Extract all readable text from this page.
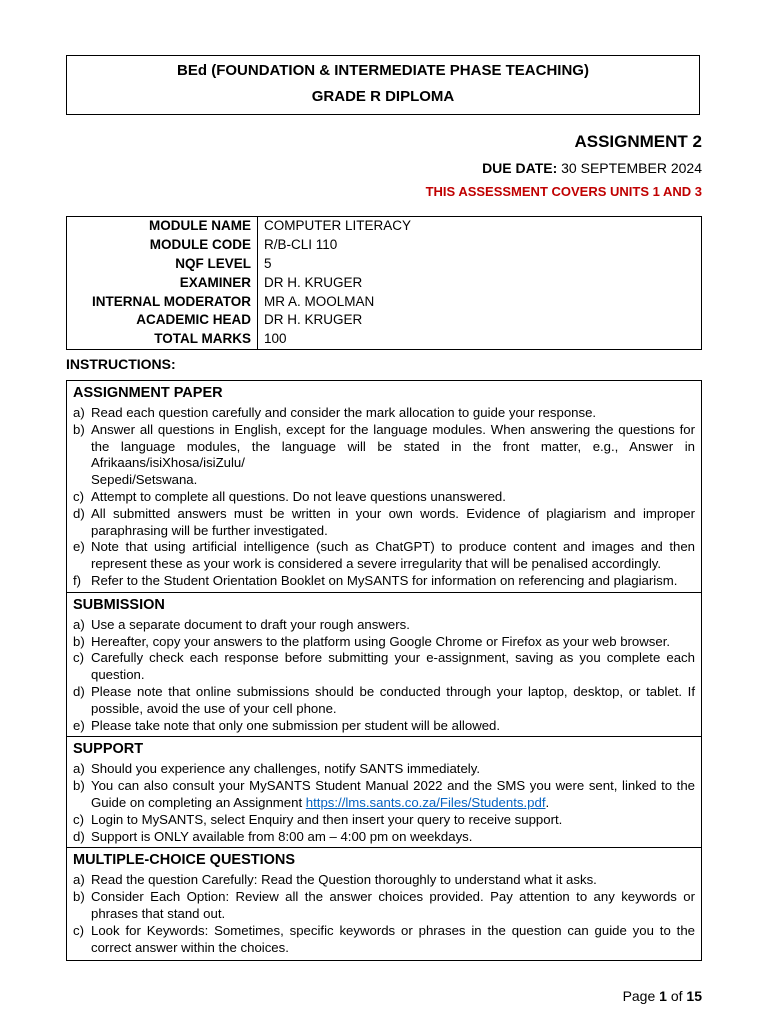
BEd (FOUNDATION & INTERMEDIATE PHASE TEACHING)
GRADE R DIPLOMA
ASSIGNMENT 2
DUE DATE: 30 SEPTEMBER 2024
THIS ASSESSMENT COVERS UNITS 1 AND 3
MODULE NAME	COMPUTER LITERACY
MODULE CODE	R/B-CLI 110
NQF LEVEL	5
EXAMINER	DR H. KRUGER
INTERNAL MODERATOR	MR A. MOOLMAN
ACADEMIC HEAD	DR H. KRUGER
TOTAL MARKS	100
INSTRUCTIONS:
ASSIGNMENT PAPER
a) Read each question carefully and consider the mark allocation to guide your response.
b) Answer all questions in English, except for the language modules. When answering the questions for the language modules, the language will be stated in the front matter, e.g., Answer in Afrikaans/isiXhosa/isiZulu/
Sepedi/Setswana.
c) Attempt to complete all questions. Do not leave questions unanswered.
d) All submitted answers must be written in your own words. Evidence of plagiarism and improper paraphrasing will be further investigated.
e) Note that using artificial intelligence (such as ChatGPT) to produce content and images and then represent these as your work is considered a severe irregularity that will be penalised accordingly.
f) Refer to the Student Orientation Booklet on MySANTS for information on referencing and plagiarism.
SUBMISSION
a) Use a separate document to draft your rough answers.
b) Hereafter, copy your answers to the platform using Google Chrome or Firefox as your web browser.
c) Carefully check each response before submitting your e-assignment, saving as you complete each question.
d) Please note that online submissions should be conducted through your laptop, desktop, or tablet. If possible, avoid the use of your cell phone.
e) Please take note that only one submission per student will be allowed.
SUPPORT
a) Should you experience any challenges, notify SANTS immediately.
b) You can also consult your MySANTS Student Manual 2022 and the SMS you were sent, linked to the Guide on completing an Assignment https://lms.sants.co.za/Files/Students.pdf.
c) Login to MySANTS, select Enquiry and then insert your query to receive support.
d) Support is ONLY available from 8:00 am – 4:00 pm on weekdays.
MULTIPLE-CHOICE QUESTIONS
a) Read the question Carefully: Read the Question thoroughly to understand what it asks.
b) Consider Each Option: Review all the answer choices provided. Pay attention to any keywords or phrases that stand out.
c) Look for Keywords: Sometimes, specific keywords or phrases in the question can guide you to the correct answer within the choices.
Page 1 of 15
